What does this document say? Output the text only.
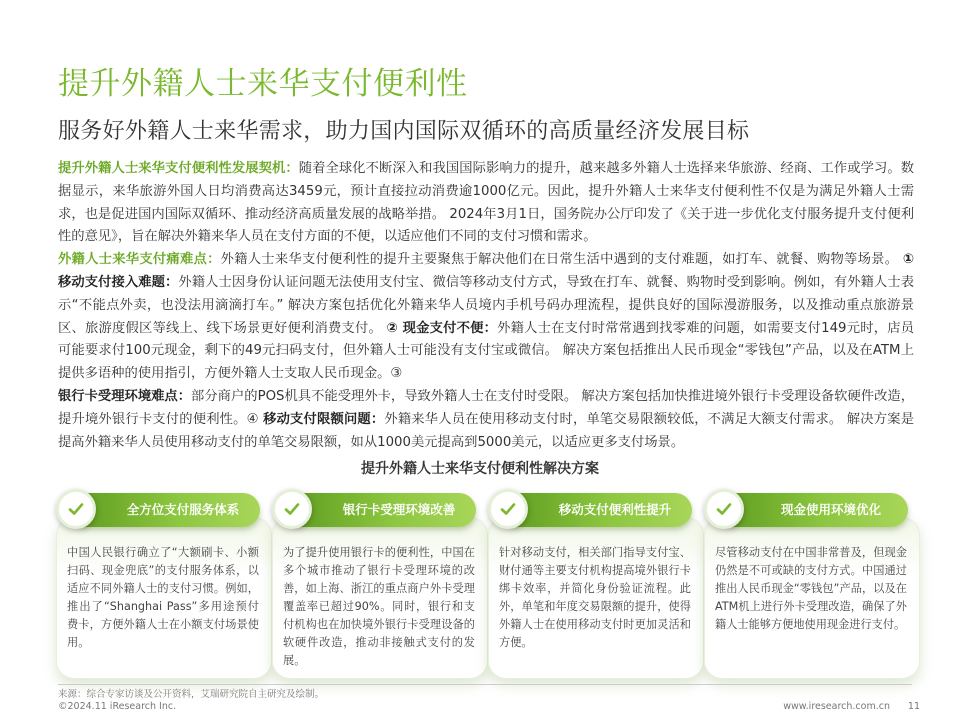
提升外籍人士来华支付便利性
服务好外籍人士来华需求，助力国内国际双循环的高质量经济发展目标
提升外籍人士来华支付便利性发展契机：随着全球化不断深入和我国国际影响力的提升，越来越多外籍人士选择来华旅游、经商、工作或学习。数据显示，来华旅游外国人日均消费高达3459元，预计直接拉动消费逾1000亿元。因此，提升外籍人士来华支付便利性不仅是为满足外籍人士需求，也是促进国内国际双循环、推动经济高质量发展的战略举措。 2024年3月1日，国务院办公厅印发了《关于进一步优化支付服务提升支付便利性的意见》，旨在解决外籍来华人员在支付方面的不便，以适应他们不同的支付习惯和需求。
外籍人士来华支付痛难点：外籍人士来华支付便利性的提升主要聚焦于解决他们在日常生活中遇到的支付难题，如打车、就餐、购物等场景。 ① 移动支付接入难题：外籍人士因身份认证问题无法使用支付宝、微信等移动支付方式，导致在打车、就餐、购物时受到影响。例如，有外籍人士表示“不能点外卖，也没法用滴滴打车。” 解决方案包括优化外籍来华人员境内手机号码办理流程，提供良好的国际漫游服务，以及推动重点旅游景区、旅游度假区等线上、线下场景更好便利消费支付。 ② 现金支付不便：外籍人士在支付时常常遇到找零难的问题，如需要支付149元时，店员可能要求付100元现金，剩下的49元扫码支付，但外籍人士可能没有支付宝或微信。 解决方案包括推出人民币现金“零钱包”产品，以及在ATM上提供多语种的使用指引，方便外籍人士支取人民币现金。③
银行卡受理环境难点：部分商户的POS机具不能受理外卡，导致外籍人士在支付时受限。 解决方案包括加快推进境外银行卡受理设备软硬件改造，提升境外银行卡支付的便利性。④ 移动支付限额问题：外籍来华人员在使用移动支付时，单笔交易限额较低，不满足大额支付需求。 解决方案是提高外籍来华人员使用移动支付的单笔交易限额，如从1000美元提高到5000美元，以适应更多支付场景。
提升外籍人士来华支付便利性解决方案
中国人民银行确立了“大额刷卡、小额扫码、现金兜底”的支付服务体系，以适应不同外籍人士的支付习惯。例如，推出了“Shanghai Pass”多用途预付费卡，方便外籍人士在小额支付场景使用。
全方位支付服务体系
为了提升使用银行卡的便利性，中国在多个城市推动了银行卡受理环境的改善，如上海、浙江的重点商户外卡受理覆盖率已超过90%。同时，银行和支付机构也在加快境外银行卡受理设备的软硬件改造，推动非接触式支付的发展。
银行卡受理环境改善
针对移动支付，相关部门指导支付宝、财付通等主要支付机构提高境外银行卡绑卡效率，并简化身份验证流程。此外，单笔和年度交易限额的提升，使得外籍人士在使用移动支付时更加灵活和方便。
移动支付便利性提升
尽管移动支付在中国非常普及，但现金仍然是不可或缺的支付方式。中国通过推出人民币现金“零钱包”产品，以及在ATM机上进行外卡受理改造，确保了外籍人士能够方便地使用现金进行支付。
现金使用环境优化
来源：综合专家访谈及公开资料，艾瑞研究院自主研究及绘制。
©2024.11 iResearch Inc.	www.iresearch.com.cn 11
